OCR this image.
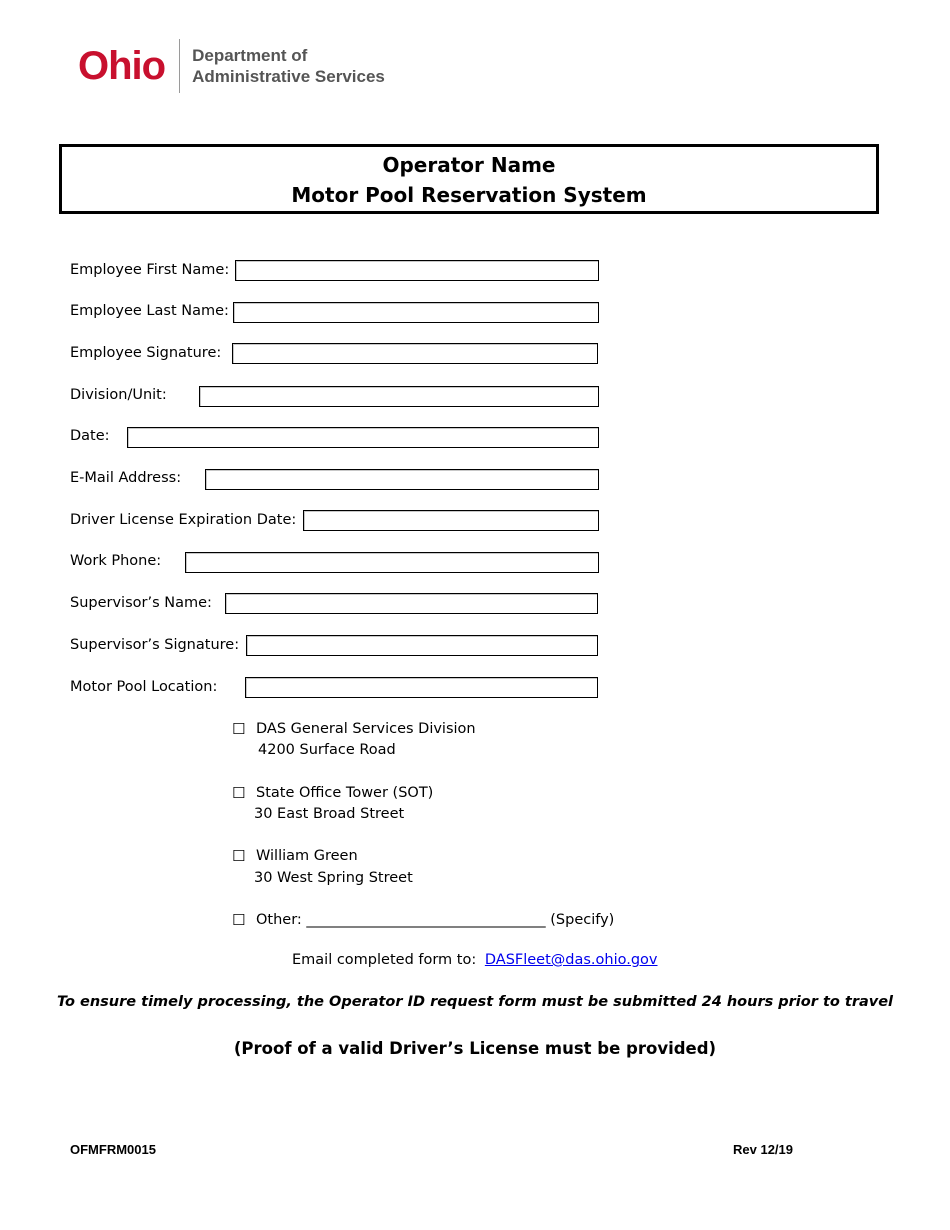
Ohio Department of
Administrative Services
Operator Name
Motor Pool Reservation System
Employee First Name:
Employee Last Name:
Employee Signature:
Division/Unit:
Date:
E-Mail Address:
Driver License Expiration Date:
Work Phone:
Supervisor’s Name:
Supervisor’s Signature:
Motor Pool Location:
☐ DAS General Services Division
4200 Surface Road
☐ State Office Tower (SOT)
30 East Broad Street
☐ William Green
30 West Spring Street
☐ Other: _________________________________ (Specify)
Email completed form to: DASFleet@das.ohio.gov
To ensure timely processing, the Operator ID request form must be submitted 24 hours prior to travel
(Proof of a valid Driver’s License must be provided)
OFMFRM0015	Rev 12/19
